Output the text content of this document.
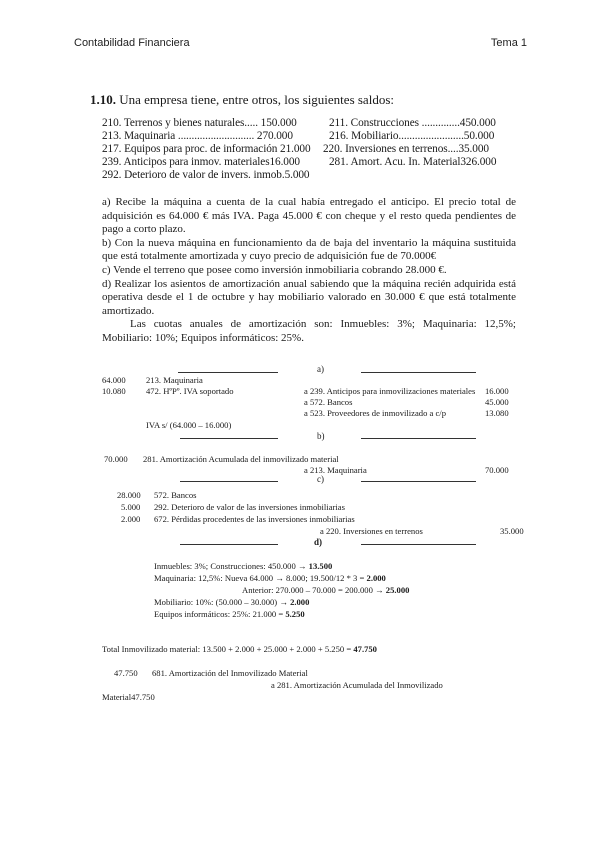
Contabilidad Financiera	Tema 1
1.10. Una empresa tiene, entre otros, los siguientes saldos:
210. Terrenos y bienes naturales..... 150.000	211. Construcciones ..............450.000
213. Maquinaria ............................ 270.000	216. Mobiliario........................50.000
217. Equipos para proc. de información 21.000 220. Inversiones en terrenos....35.000
239. Anticipos para inmov. materiales16.000	281. Amort. Acu. In. Material326.000
292. Deterioro de valor de invers. inmob.5.000

a) Recibe la máquina a cuenta de la cual había entregado el anticipo. El precio total de adquisición es 64.000 € más IVA. Paga 45.000 € con cheque y el resto queda pendientes de pago a corto plazo.

b) Con la nueva máquina en funcionamiento da de baja del inventario la máquina sustituida que está totalmente amortizada y cuyo precio de adquisición fue de 70.000€

c) Vende el terreno que posee como inversión inmobiliaria cobrando 28.000 €.

d) Realizar los asientos de amortización anual sabiendo que la máquina recién adquirida está operativa desde el 1 de octubre y hay mobiliario valorado en 30.000 € que está totalmente amortizado.

Las cuotas anuales de amortización son: Inmuebles: 3%; Maquinaria: 12,5%; Mobiliario: 10%; Equipos informáticos: 25%.

a)
64.000 213. Maquinaria
10.080 472. HºPº. IVA soportado	a 239. Anticipos para inmovilizaciones materiales 16.000
a 572. Bancos	45.000
a 523. Proveedores de inmovilizado a c/p	13.080
IVA s/ (64.000 – 16.000)
b)
70.000 281. Amortización Acumulada del inmovilizado material
a 213. Maquinaria	70.000
c)
28.000 572. Bancos
5.000 292. Deterioro de valor de las inversiones inmobiliarias
2.000 672. Pérdidas procedentes de las inversiones inmobiliarias
a 220. Inversiones en terrenos	35.000
d)
Inmuebles: 3%; Construcciones: 450.000 → 13.500
Maquinaria: 12,5%: Nueva 64.000 → 8.000; 19.500/12 * 3 = 2.000
Anterior: 270.000 – 70.000 = 200.000 → 25.000
Mobiliario: 10%: (50.000 – 30.000) → 2.000
Equipos informáticos: 25%: 21.000 = 5.250
Total Inmovilizado material: 13.500 + 2.000 + 25.000 + 2.000 + 5.250 = 47.750
47.750 681. Amortización del Inmovilizado Material
a 281. Amortización Acumulada del Inmovilizado
Material47.750
